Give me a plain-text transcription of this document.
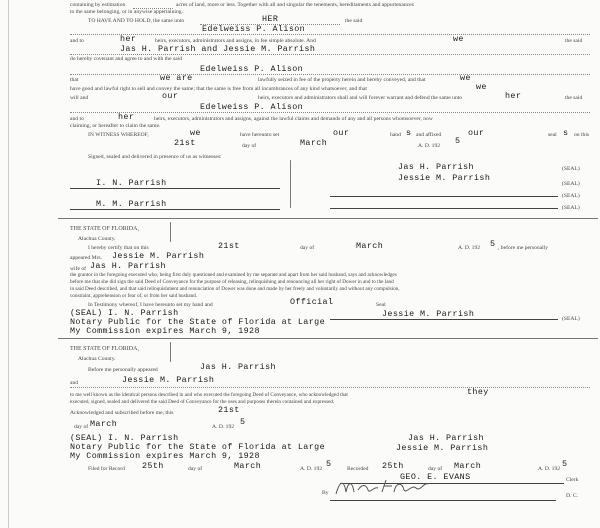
containing by estimation	acres of land, more or less. Together with all and singular the tenements, hereditaments and appurtenances
to the same belonging, or in anywise appertaining.
TO HAVE AND TO HOLD, the same unto	HER	the said
Edelweiss P. Alison
and to	her	heirs, executors, administrators and assigns, in fee simple absolute. And	we	the said
Jas H. Parrish and Jessie M. Parrish
do hereby covenant and agree to and with the said
Edelweiss P. Alison
that	we are	lawfully seized in fee of the property herein and hereby conveyed, and that	we
have good and lawful right to sell and convey the same; that the same is free from all incumbrances of any kind whatsoever, and that	we
will and	our	heirs, executors and administrators shall and will forever warrant and defend the same unto	her	the said
Edelweiss P. Alison
and to	her	heirs, executors, administrators and assigns, against the lawful claims and demands of any and all persons whomsoever, now
claiming, or hereafter to claim the same.
IN WITNESS WHEREOF,	we	have hereunto set	our	hand s and affixed	our	seal s on this
21st	day of	March	A. D. 192 5
Signed, sealed and delivered in presence of us as witnesses:
I. N. Parrish
M. M. Parrish
Jas H. Parrish	(SEAL)
Jessie M. Parrish
(SEAL)
(SEAL)
(SEAL)
THE STATE OF FLORIDA,
Alachua County.
I hereby certify that on this	21st	day of	March	A. D. 192 5 , before me personally
appeared Mrs. Jessie M. Parrish
wife of Jas H. Parrish
the grantor in the foregoing executed who, being first duly questioned and examined by me separate and apart from her said husband, says and acknowledges
before me that she did sign the said Deed of Conveyance for the purpose of releasing, relinquishing and renouncing all her right of Dower in and to the land
in said Deed described, and that said relinquishment and renunciation of Dower was done and made by her freely and voluntarily and without any compulsion,
constraint, apprehension or fear of, or from her said husband.
In Testimony whereof, I have hereunto set my hand and	Official	Seal
(SEAL) I. N. Parrish
Notary Public for the State of Florida at Large
My Commission expires March 9, 1928
Jessie M. Parrish	(SEAL)
THE STATE OF FLORIDA,
Alachua County.
Before me personally appeared	Jas H. Parrish
and	Jessie M. Parrish
to me well known as the identical persons described in and who executed the foregoing Deed of Conveyance, who acknowledged that	they
executed, signed, sealed and delivered the said Deed of Conveyance for the uses and purposes therein contained and expressed.
Acknowledged and subscribed before me, this	21st
day of March	A. D. 192 5
(SEAL) I. N. Parrish
Notary Public for the State of Florida at Large
My Commission expires March 9, 1928
Jas H. Parrish
Jessie M. Parrish
Filed for Record 25th	day of	March	A. D. 192 5	Recorded 25th	day of March	A. D. 192 5
GEO. E. EVANS	Clerk
By	D. C.
